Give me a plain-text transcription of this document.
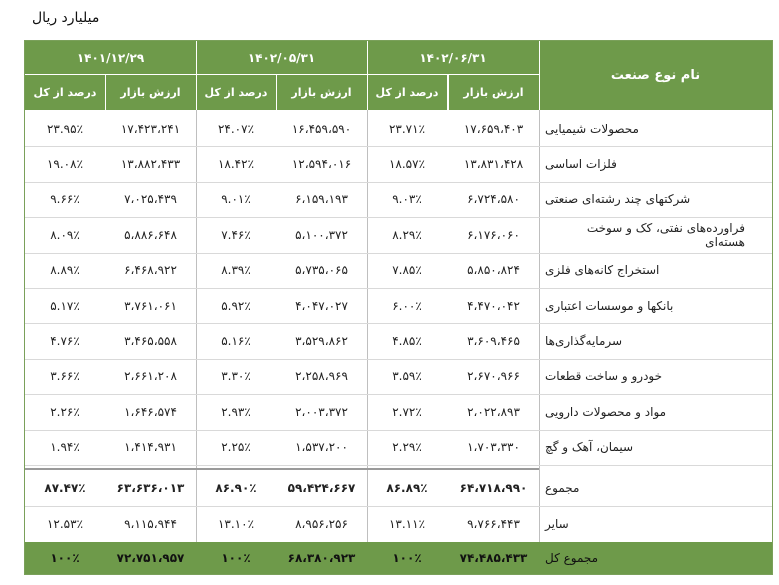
میلیارد ریال
نام نوع صنعت
۱۴۰۲/۰۶/۳۱
۱۴۰۲/۰۵/۳۱
۱۴۰۱/۱۲/۲۹
ارزش بازار
درصد از کل
ارزش بازار
درصد از کل
ارزش بازار
درصد از کل
محصولات شیمیایی
۱۷،۶۵۹،۴۰۳
۲۳.۷۱٪
۱۶،۴۵۹،۵۹۰
۲۴.۰۷٪
۱۷،۴۲۳،۲۴۱
۲۳.۹۵٪
فلزات اساسی
۱۳،۸۳۱،۴۲۸
۱۸.۵۷٪
۱۲،۵۹۴،۰۱۶
۱۸.۴۲٪
۱۳،۸۸۲،۴۳۳
۱۹.۰۸٪
شرکتهای چند رشته‌ای صنعتی
۶،۷۲۴،۵۸۰
۹.۰۳٪
۶،۱۵۹،۱۹۳
۹.۰۱٪
۷،۰۲۵،۴۳۹
۹.۶۶٪
فراورده‌های نفتی، کک و سوخت هسته‌ای
۶،۱۷۶،۰۶۰
۸.۲۹٪
۵،۱۰۰،۳۷۲
۷.۴۶٪
۵،۸۸۶،۶۴۸
۸.۰۹٪
استخراج کانه‌های فلزی
۵،۸۵۰،۸۲۴
۷.۸۵٪
۵،۷۳۵،۰۶۵
۸.۳۹٪
۶،۴۶۸،۹۲۲
۸.۸۹٪
بانکها و موسسات اعتباری
۴،۴۷۰،۰۴۲
۶.۰۰٪
۴،۰۴۷،۰۲۷
۵.۹۲٪
۳،۷۶۱،۰۶۱
۵.۱۷٪
سرمایه‌گذاری‌ها
۳،۶۰۹،۴۶۵
۴.۸۵٪
۳،۵۲۹،۸۶۲
۵.۱۶٪
۳،۴۶۵،۵۵۸
۴.۷۶٪
خودرو و ساخت قطعات
۲،۶۷۰،۹۶۶
۳.۵۹٪
۲،۲۵۸،۹۶۹
۳.۳۰٪
۲،۶۶۱،۲۰۸
۳.۶۶٪
مواد و محصولات دارویی
۲،۰۲۲،۸۹۳
۲.۷۲٪
۲،۰۰۳،۳۷۲
۲.۹۳٪
۱،۶۴۶،۵۷۴
۲.۲۶٪
سیمان، آهک و گچ
۱،۷۰۳،۳۳۰
۲.۲۹٪
۱،۵۳۷،۲۰۰
۲.۲۵٪
۱،۴۱۴،۹۳۱
۱.۹۴٪
مجموع
۶۴،۷۱۸،۹۹۰
۸۶.۸۹٪
۵۹،۴۲۴،۶۶۷
۸۶.۹۰٪
۶۳،۶۳۶،۰۱۳
۸۷.۴۷٪
سایر
۹،۷۶۶،۴۴۳
۱۳.۱۱٪
۸،۹۵۶،۲۵۶
۱۳.۱۰٪
۹،۱۱۵،۹۴۴
۱۲.۵۳٪
مجموع کل
۷۴،۴۸۵،۴۳۳
۱۰۰٪
۶۸،۳۸۰،۹۲۳
۱۰۰٪
۷۲،۷۵۱،۹۵۷
۱۰۰٪
